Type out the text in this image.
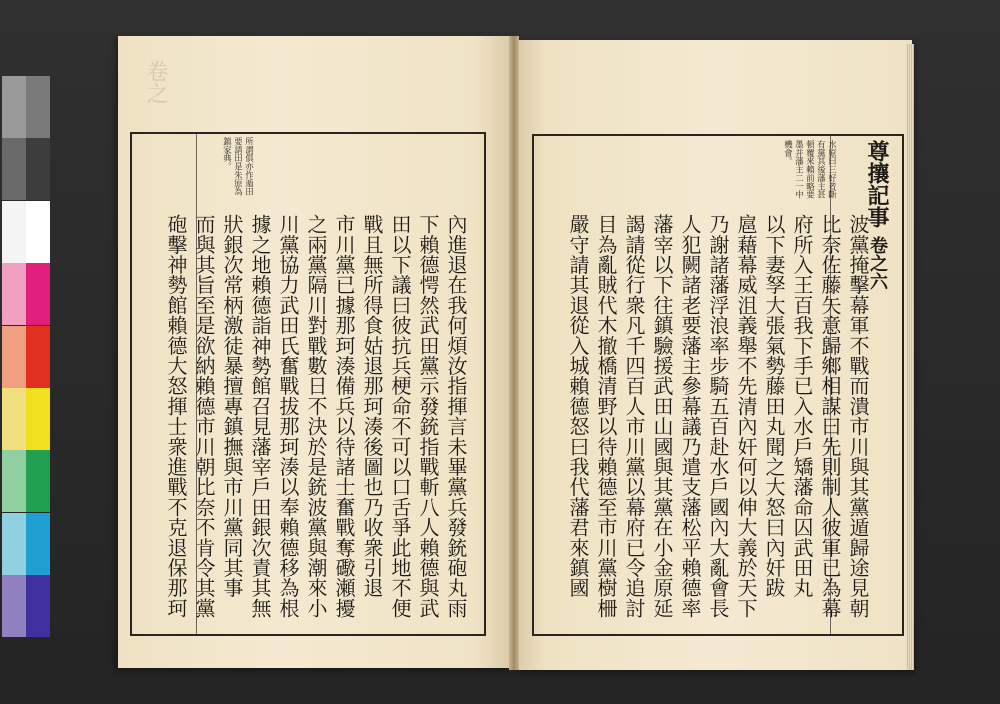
卷之
所謂俱亦作遁田
要請田是朱原為
鎮家典。
內進退在我何煩汝指揮言未畢黨兵發銃砲丸雨
下賴德愕然武田黨示發銃指戰斬八人賴德與武
田以下議曰彼抗兵梗命不可以口舌爭此地不便
戰且無所得食姑退那珂湊後圖也乃收衆引退
市川黨已據那珂湊備兵以待諸士奮戰奪礮瀬擾
之兩黨隔川對戰數日不決於是銃波黨與潮來小
川黨協力武田氏奮戰拔那珂湊以奉賴德移為根
據之地賴德詣神勢館召見藩宰戶田銀次責其無
狀銀次常柄激徒暴擅專鎮撫與市川黨同其事
而與其旨至是欲納賴德市川朝比奈不肯令其黨
砲擊神勢館賴德大怒揮士衆進戰不克退保那珂
尊攘記事
卷之六
水原曰三好者斷
有黨其後藩主甚
頓覆來賴前略要
墨并藩主二一中
機會。
波黨掩擊幕軍不戰而潰市川與其黨遁歸途見朝
比奈佐藤矢意歸鄉相謀曰先則制人彼軍已為幕
府所入王百我下手已入水戶矯藩命囚武田丸
以下妻孥大張氣勢藤田丸聞之大怒曰內奸跋
扈藉幕威沮義舉不先清內奸何以伸大義於天下
乃謝諸藩浮浪率步騎五百赴水戶國內大亂會長
人犯闕諸老要藩主參幕議乃遣支藩松平賴德率
藩宰以下往鎮驗援武田山國與其黨在小金原延
謁請從行衆凡千四百人市川黨以幕府已令追討
目為亂賊代木撤橋清野以待賴德至市川黨樹柵
嚴守請其退從入城賴德怒曰我代藩君來鎮國
